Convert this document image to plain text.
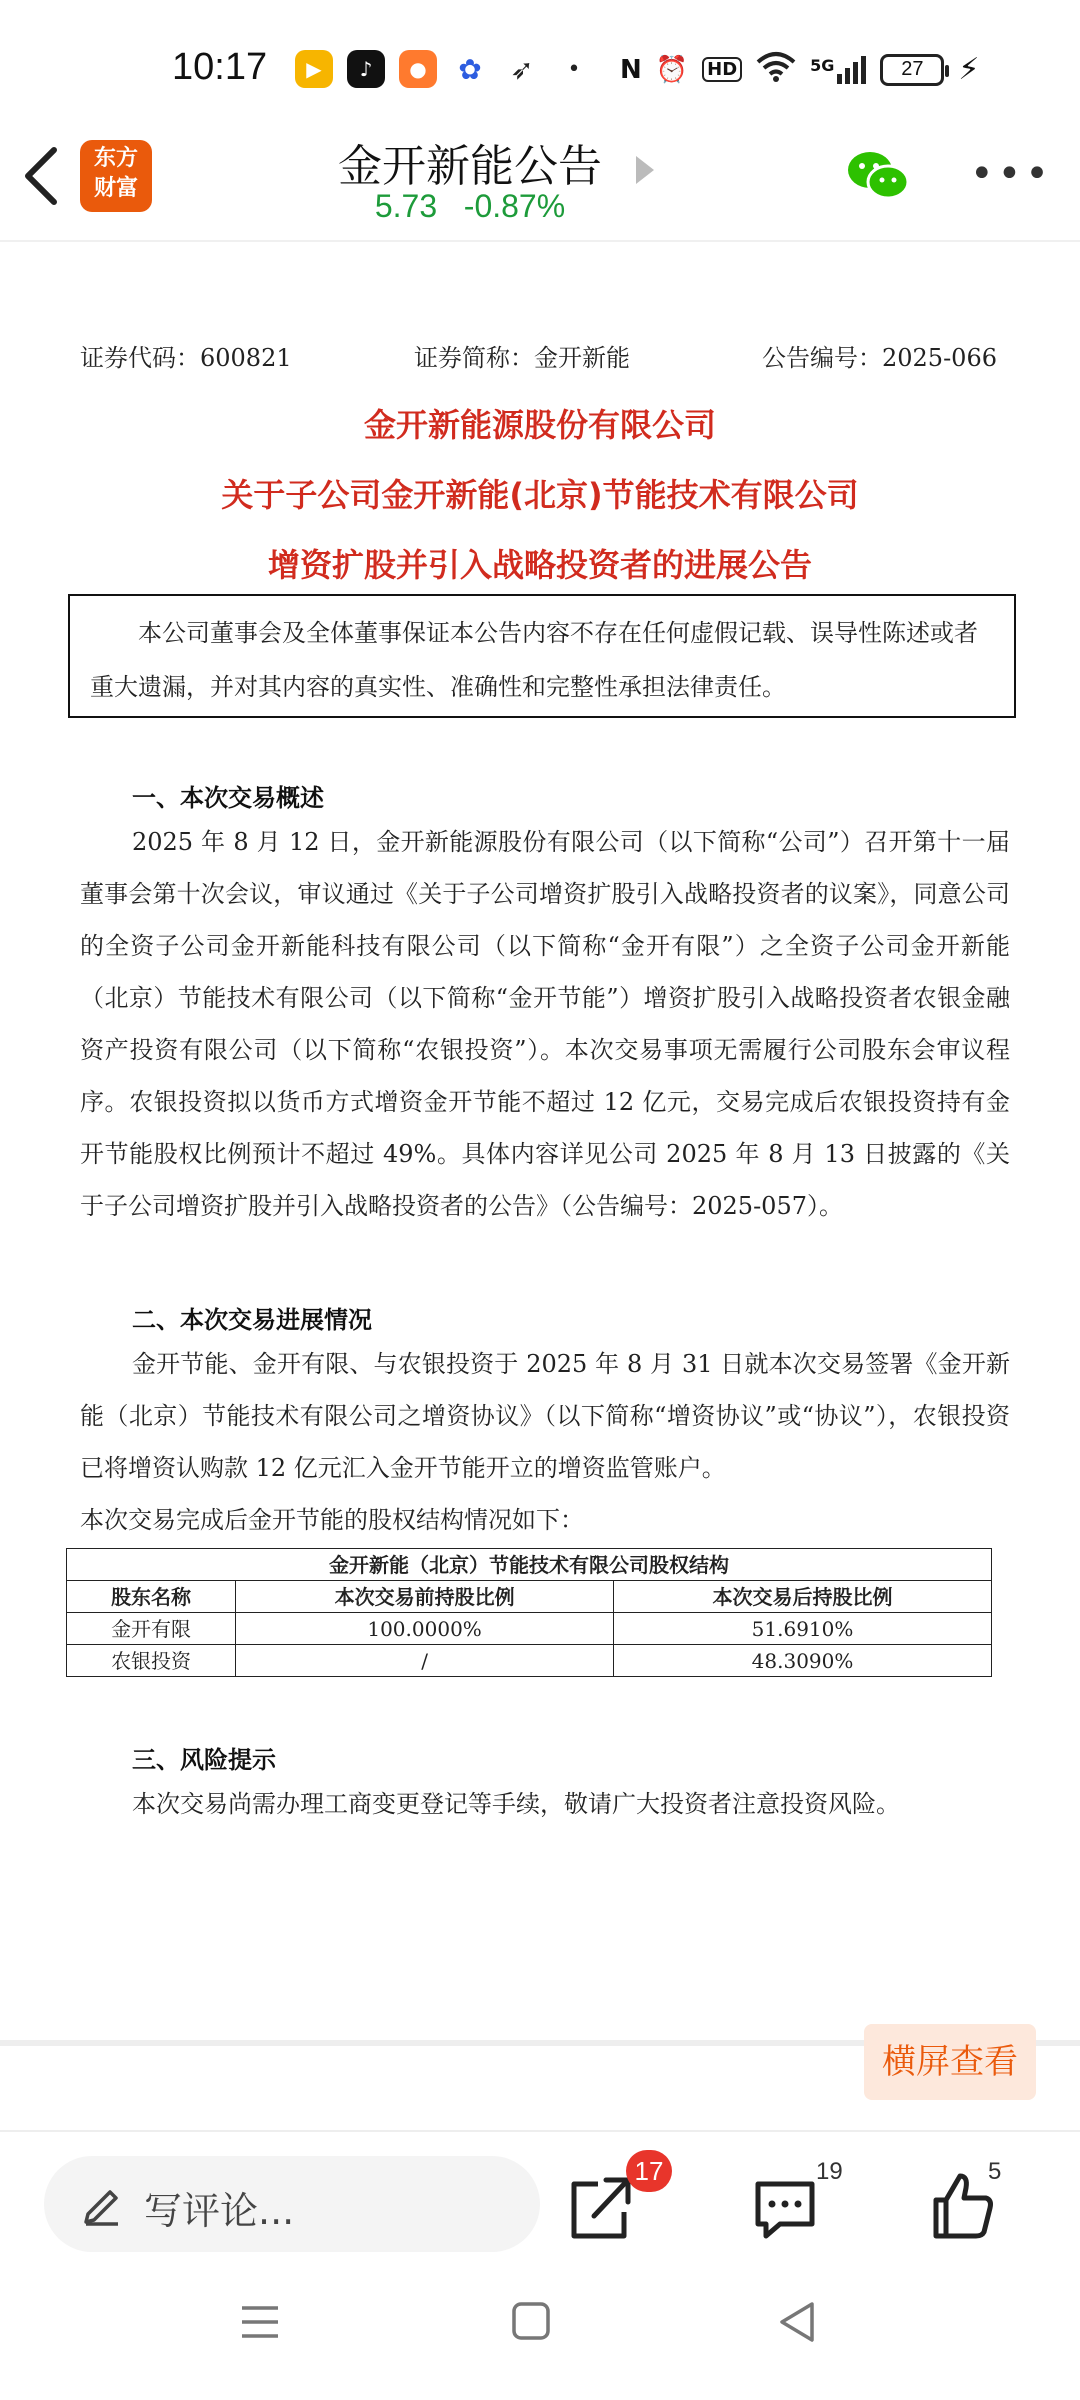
10:17	▶	♪	●	✿ ➶	•	N ⏰ HD	5G	27	⚡
东方财富	金开新能公告
5.73 -0.87%
•••
证券代码：600821	证券简称：金开新能	公告编号：2025-066
金开新能源股份有限公司
关于子公司金开新能(北京)节能技术有限公司
增资扩股并引入战略投资者的进展公告
本公司董事会及全体董事保证本公告内容不存在任何虚假记载、误导性陈述或者重大遗漏，并对其内容的真实性、准确性和完整性承担法律责任。
一、本次交易概述
2025 年 8 月 12 日，金开新能源股份有限公司（以下简称“公司”）召开第十一届董事会第十次会议，审议通过《关于子公司增资扩股引入战略投资者的议案》，同意公司的全资子公司金开新能科技有限公司（以下简称“金开有限”）之全资子公司金开新能（北京）节能技术有限公司（以下简称“金开节能”）增资扩股引入战略投资者农银金融资产投资有限公司（以下简称“农银投资”）。本次交易事项无需履行公司股东会审议程序。农银投资拟以货币方式增资金开节能不超过 12 亿元，交易完成后农银投资持有金开节能股权比例预计不超过 49%。具体内容详见公司 2025 年 8 月 13 日披露的《关于子公司增资扩股并引入战略投资者的公告》（公告编号：2025-057）。
二、本次交易进展情况
金开节能、金开有限、与农银投资于 2025 年 8 月 31 日就本次交易签署《金开新能（北京）节能技术有限公司之增资协议》（以下简称“增资协议”或“协议”），农银投资已将增资认购款 12 亿元汇入金开节能开立的增资监管账户。
本次交易完成后金开节能的股权结构情况如下：
金开新能（北京）节能技术有限公司股权结构		
股东名称	本次交易前持股比例	本次交易后持股比例
金开有限	100.0000%	51.6910%
农银投资	/	48.3090%
三、风险提示
本次交易尚需办理工商变更登记等手续，敬请广大投资者注意投资风险。
横屏查看
写评论...
17	19	5
